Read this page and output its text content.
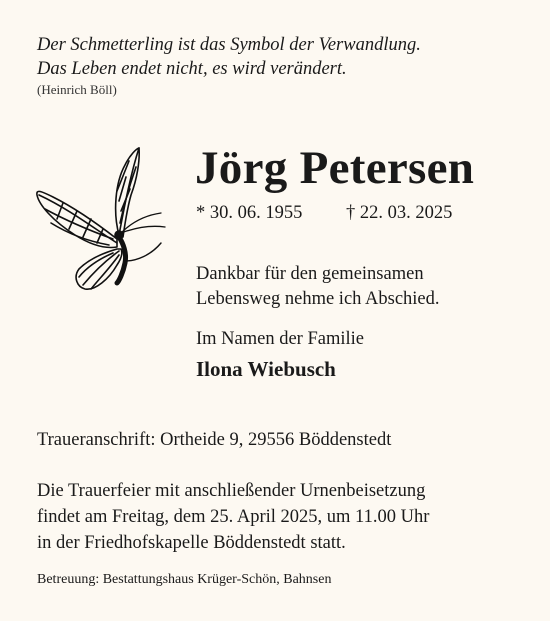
Der Schmetterling ist das Symbol der Verwandlung.
Das Leben endet nicht, es wird verändert.
(Heinrich Böll)
Jörg Petersen
* 30. 06. 1955 † 22. 03. 2025
Dankbar für den gemeinsamen
Lebensweg nehme ich Abschied.
Im Namen der Familie
Ilona Wiebusch
Traueranschrift: Ortheide 9, 29556 Böddenstedt
Die Trauerfeier mit anschließender Urnenbeisetzung
findet am Freitag, dem 25. April 2025, um 11.00 Uhr
in der Friedhofskapelle Böddenstedt statt.
Betreuung: Bestattungshaus Krüger-Schön, Bahnsen
